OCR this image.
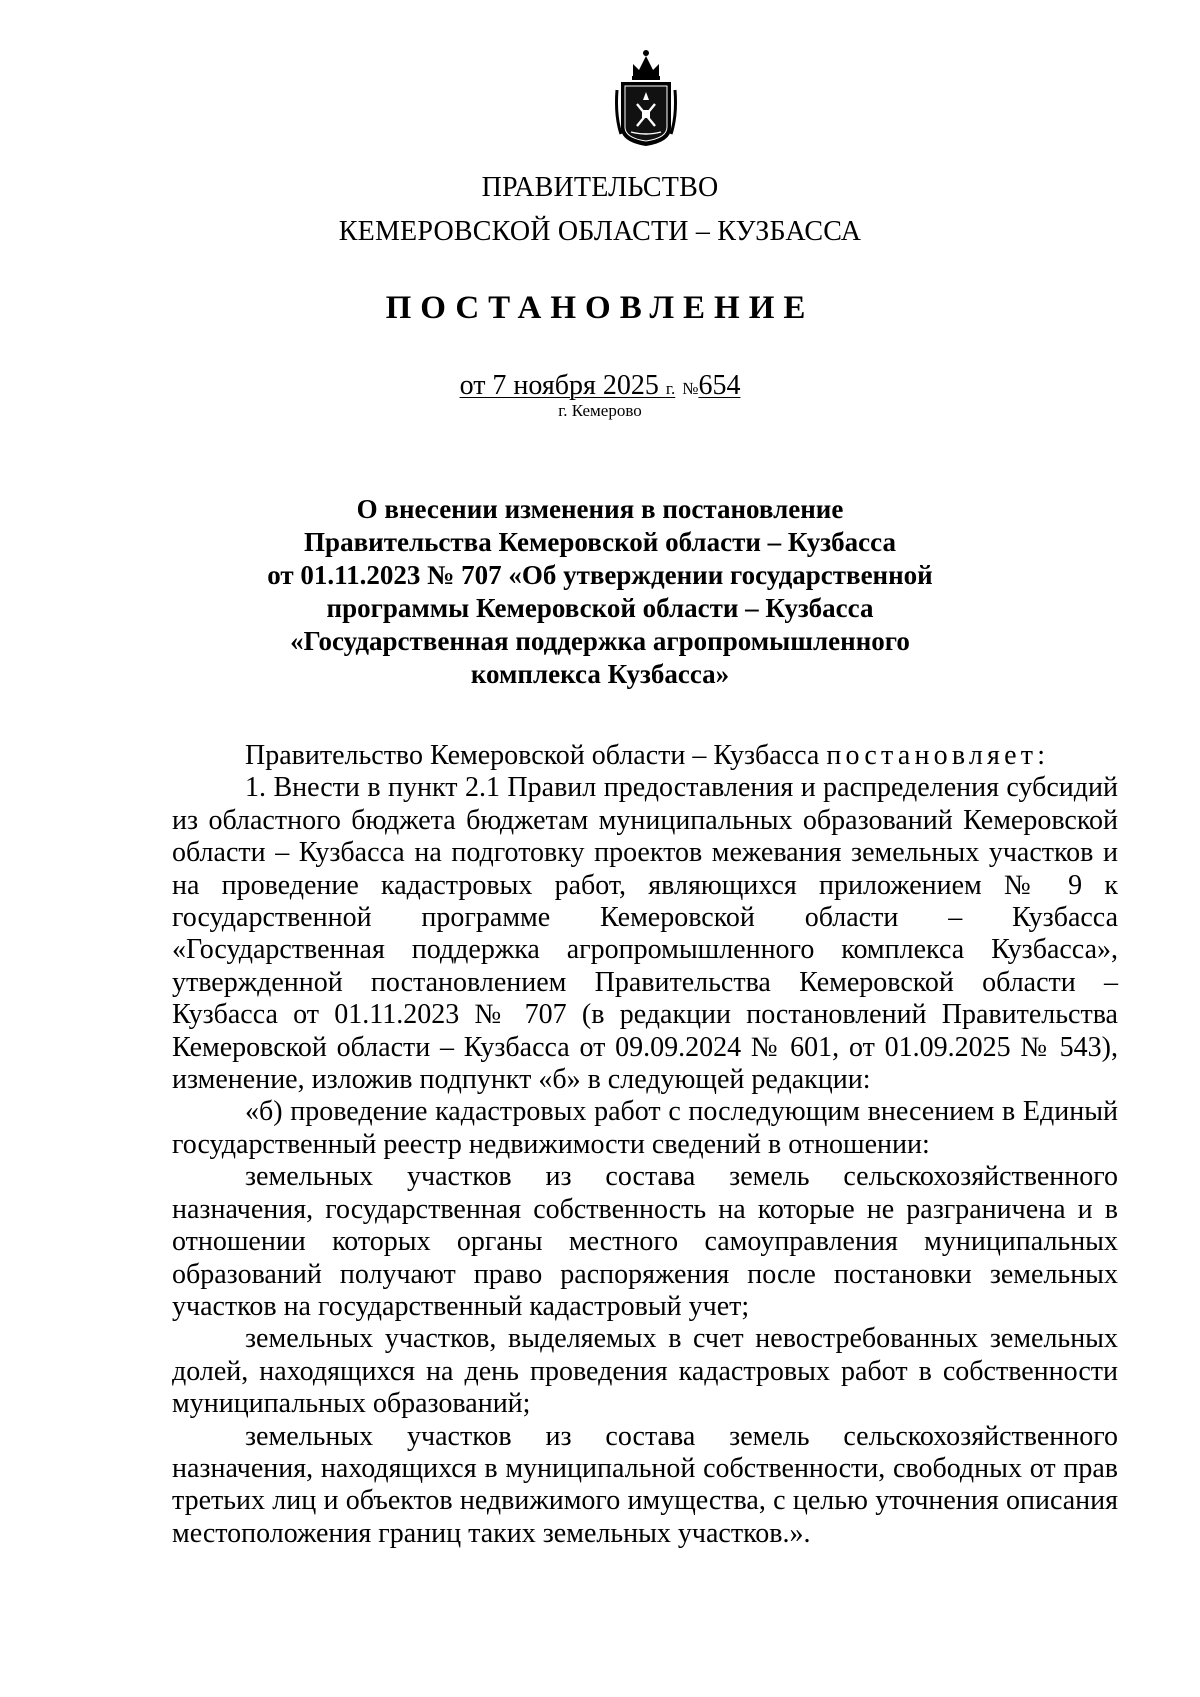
ПРАВИТЕЛЬСТВО
КЕМЕРОВСКОЙ ОБЛАСТИ – КУЗБАССА
ПОСТАНОВЛЕНИЕ
от 7 ноября 2025 г. №654
г. Кемерово
О внесении изменения в постановление
Правительства Кемеровской области – Кузбасса
от 01.11.2023 № 707 «Об утверждении государственной
программы Кемеровской области – Кузбасса
«Государственная поддержка агропромышленного
комплекса Кузбасса»

Правительство Кемеровской области – Кузбасса постановляет:

1. Внести в пункт 2.1 Правил предоставления и распределения субсидий из областного бюджета бюджетам муниципальных образований Кемеровской области – Кузбасса на подготовку проектов межевания земельных участков и на проведение кадастровых работ, являющихся приложением № 9 к государственной программе Кемеровской области – Кузбасса «Государственная поддержка агропромышленного комплекса Кузбасса», утвержденной постановлением Правительства Кемеровской области – Кузбасса от 01.11.2023 № 707 (в редакции постановлений Правительства Кемеровской области – Кузбасса от 09.09.2024 № 601, от 01.09.2025 № 543), изменение, изложив подпункт «б» в следующей редакции:

«б) проведение кадастровых работ с последующим внесением в Единый государственный реестр недвижимости сведений в отношении:

земельных участков из состава земель сельскохозяйственного назначения, государственная собственность на которые не разграничена и в отношении которых органы местного самоуправления муниципальных образований получают право распоряжения после постановки земельных участков на государственный кадастровый учет;

земельных участков, выделяемых в счет невостребованных земельных долей, находящихся на день проведения кадастровых работ в собственности муниципальных образований;

земельных участков из состава земель сельскохозяйственного назначения, находящихся в муниципальной собственности, свободных от прав третьих лиц и объектов недвижимого имущества, с целью уточнения описания местоположения границ таких земельных участков.».
